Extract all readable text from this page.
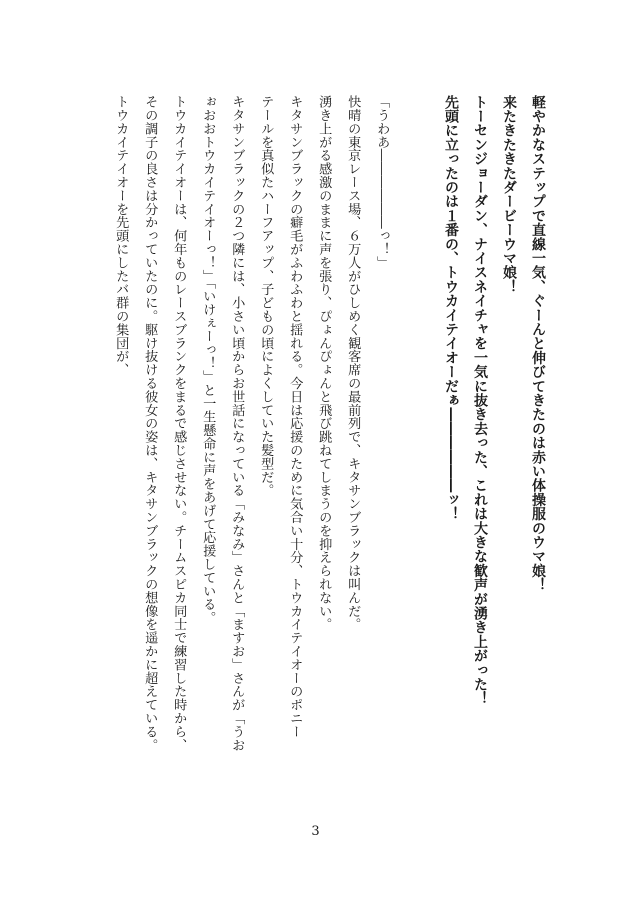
軽やかなステップで直線一気、ぐーんと伸びてきたのは赤い体操服のウマ娘！
来たきたきたダービーウマ娘！
トーセンジョーダン、ナイスネイチャを一気に抜き去った、これは大きな歓声が湧き上がった！
先頭に立ったのは１番の、トウカイテイオーだぁ――――――ッ！
「うわあ――――――っ！」
快晴の東京レース場、６万人がひしめく観客席の最前列で、キタサンブラックは叫んだ。
湧き上がる感激のままに声を張り、ぴょんぴょんと飛び跳ねてしまうのを抑えられない。
キタサンブラックの癖毛がふわふわと揺れる。今日は応援のために気合い十分、トウカイテイオーのポニー
テールを真似たハーフアップ、子どもの頃によくしていた髪型だ。
キタサンブラックの２つ隣には、小さい頃からお世話になっている「みなみ」さんと「ますお」さんが「うお
ぉおおトウカイテイオーっ！」「いけぇーっ！」と一生懸命に声をあげて応援している。
トウカイテイオーは、何年ものレースブランクをまるで感じさせない。チームスピカ同士で練習した時から、
その調子の良さは分かっていたのに。駆け抜ける彼女の姿は、キタサンブラックの想像を遥かに超えている。
トウカイテイオーを先頭にしたバ群の集団が、
3
